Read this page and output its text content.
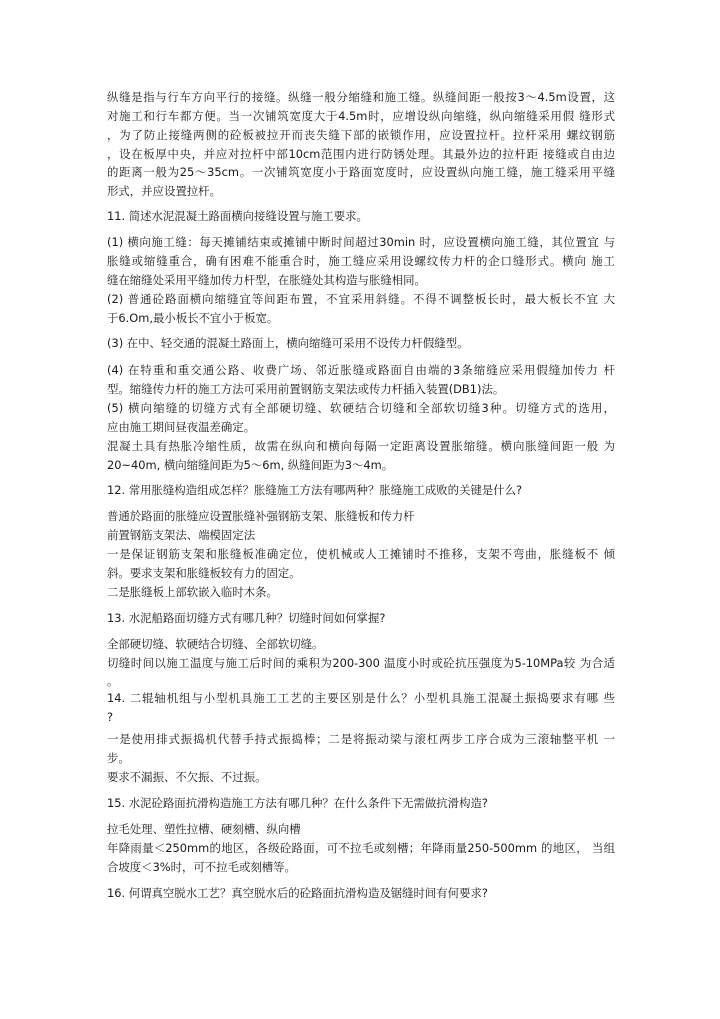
纵缝是指与行车方向平行的接缝。纵缝一般分缩缝和施工缝。纵缝间距一般按3～4.5m设置，这
对施工和行车都方便。当一次铺筑宽度大于4.5m时，应增设纵向缩缝，纵向缩缝采用假 缝形式
，为了防止接缝两侧的砼板被拉开而丧失缝下部的嵌锁作用，应设置拉杆。拉杆采用 螺纹钢筋
，设在板厚中央，并应对拉杆中部10cm范围内进行防锈处理。其最外边的拉杆距 接缝或自由边
的距离一般为25～35cm。一次铺筑宽度小于路面宽度时，应设置纵向施工缝，施工缝采用平缝
形式，并应设置拉杆。
11. 简述水泥混凝土路面横向接缝设置与施工要求。
(1) 横向施工缝：每天摊铺结束或摊铺中断时间超过30min 时，应设置横向施工缝，其位置宜 与
胀缝或缩缝重合，确有困难不能重合时，施工缝应采用设螺纹传力杆的企口缝形式。横向 施工
缝在缩缝处采用平缝加传力杆型，在胀缝处其构造与胀缝相同。
(2) 普通砼路面横向缩缝宜等间距布置，不宜采用斜缝。不得不调整板长时，最大板长不宜 大
于6.Om,最小板长不宜小于板宽。
(3) 在中、轻交通的混凝土路面上，横向缩缝可采用不设传力杆假缝型。
(4) 在特重和重交通公路、收费广场、邻近胀缝或路面自由端的3条缩缝应采用假缝加传力 杆
型。缩缝传力杆的施工方法可采用前置钢筋支架法或传力杆插入装置(DB1)法。
(5) 横向缩缝的切缝方式有全部硬切缝、软硬结合切缝和全部软切缝3种。切缝方式的选用，
应由施工期间昼夜温差确定。
混凝土具有热胀冷缩性质，故需在纵向和横向每隔一定距离设置胀缩缝。横向胀缝间距一般 为
20~40m, 横向缩缝间距为5～6m, 纵缝间距为3～4m。
12. 常用胀缝构造组成怎样？胀缝施工方法有哪两种？胀缝施工成败的关键是什么?
普通於路面的胀缝应设置胀缝补强钢筋支架、胀缝板和传力杆
前置钢筋支架法、端模固定法
一是保证钢筋支架和胀缝板准确定位，使机械或人工摊铺时不推移，支架不弯曲，胀缝板不 倾
斜。要求支架和胀缝板较有力的固定。
二是胀缝板上部软嵌入临时木条。
13. 水泥船路面切缝方式有哪几种？切缝时间如何掌握?
全部硬切缝、软硬结合切缝、全部软切缝。
切缝时间以施工温度与施工后时间的乘积为200-300 温度小时或砼抗压强度为5-10MPa较 为合适
。
14. 二辊轴机组与小型机具施工工艺的主要区别是什么？小型机具施工混凝土振捣要求有哪 些
?
一是使用排式振捣机代替手持式振捣棒；二是将振动梁与滚杠两步工序合成为三滚轴整平机 一
步。
要求不漏振、不欠振、不过振。
15. 水泥砼路面抗滑构造施工方法有哪几种？在什么条件下无需做抗滑构造?
拉毛处理、塑性拉槽、硬刻槽、纵向槽
年降雨量＜250mm的地区，各级砼路面，可不拉毛或刻槽；年降雨量250-500mm 的地区， 当组
合坡度＜3%时，可不拉毛或刻槽等。
16. 何谓真空脱水工艺？真空脱水后的砼路面抗滑构造及锯缝时间有何要求?
